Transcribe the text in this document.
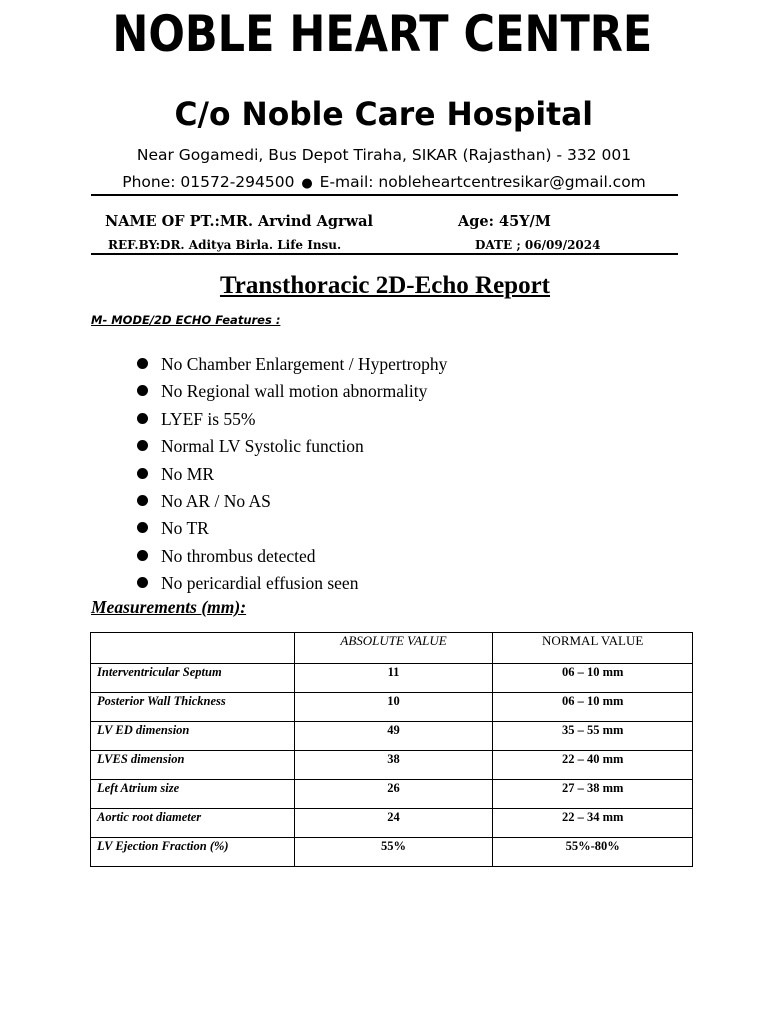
NOBLE HEART CENTRE
C/o Noble Care Hospital
Near Gogamedi, Bus Depot Tiraha, SIKAR (Rajasthan) - 332 001
Phone: 01572-294500 ● E-mail: nobleheartcentresikar@gmail.com
NAME OF PT.:MR. Arvind Agrwal	Age: 45Y/M
REF.BY:DR. Aditya Birla. Life Insu.	DATE ; 06/09/2024
Transthoracic 2D-Echo Report
M- MODE/2D ECHO Features :
No Chamber Enlargement / Hypertrophy
No Regional wall motion abnormality
LYEF is 55%
Normal LV Systolic function
No MR
No AR / No AS
No TR
No thrombus detected
No pericardial effusion seen
Measurements (mm):
	ABSOLUTE VALUE	NORMAL VALUE
Interventricular Septum	11	06 – 10 mm
Posterior Wall Thickness	10	06 – 10 mm
LV ED dimension	49	35 – 55 mm
LVES dimension	38	22 – 40 mm
Left Atrium size	26	27 – 38 mm
Aortic root diameter	24	22 – 34 mm
LV Ejection Fraction (%)	55%	55%-80%
